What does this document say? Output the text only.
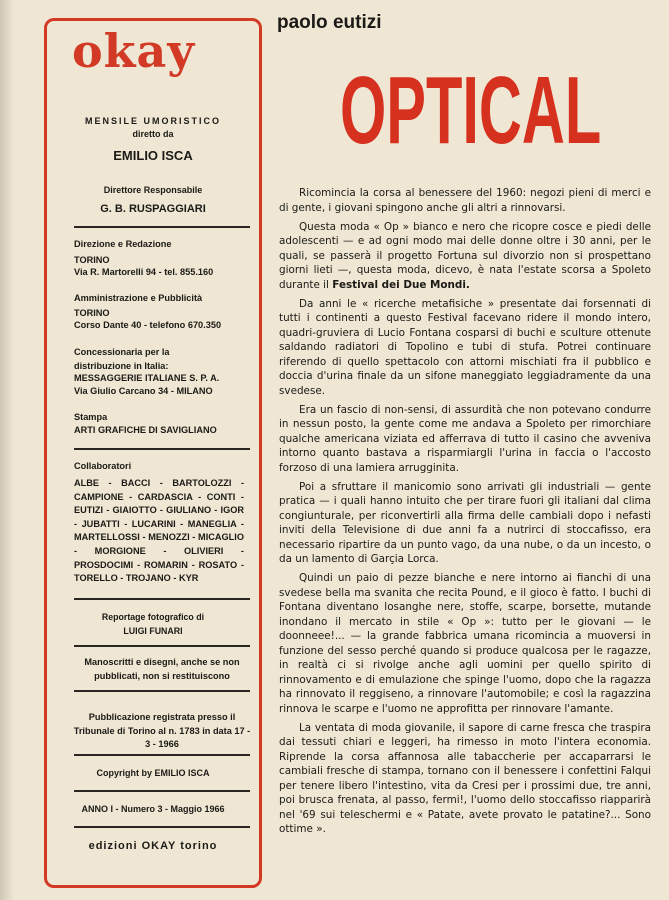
okay
MENSILE UMORISTICO
diretto da
EMILIO ISCA
Direttore Responsabile
G. B. RUSPAGGIARI
Direzione e Redazione
TORINO
Via R. Martorelli 94 - tel. 855.160
Amministrazione e Pubblicità
TORINO
Corso Dante 40 - telefono 670.350
Concessionaria per la distribuzione in Italia:
MESSAGGERIE ITALIANE S. P. A.
Via Giulio Carcano 34 - MILANO
Stampa
ARTI GRAFICHE DI SAVIGLIANO
Collaboratori
ALBE - BACCI - BARTOLOZZI - CAMPIONE - CARDASCIA - CONTI - EUTIZI - GIAIOTTO - GIULIANO - IGOR - JUBATTI - LUCARINI - MANEGLIA - MARTELLOSSI - MENOZZI - MICAGLIO - MORGIONE - OLIVIERI - PROSDOCIMI - ROMARIN - ROSATO - TORELLO - TROJANO - KYR
Reportage fotografico di
LUIGI FUNARI
Manoscritti e disegni, anche se non pubblicati, non si restituiscono
Pubblicazione registrata presso il Tribunale di Torino al n. 1783 in data 17 - 3 - 1966
Copyright by EMILIO ISCA
ANNO I - Numero 3 - Maggio 1966
edizioni OKAY torino
paolo eutizi
OPTICAL

Ricomincia la corsa al benessere del 1960: negozi pieni di merci e di gente, i giovani spingono anche gli altri a rinnovarsi.

Questa moda « Op » bianco e nero che ricopre cosce e piedi delle adolescenti — e ad ogni modo mai delle donne oltre i 30 anni, per le quali, se passerà il progetto Fortuna sul divorzio non si prospettano giorni lieti —, questa moda, dicevo, è nata l'estate scorsa a Spoleto durante il Festival dei Due Mondi.

Da anni le « ricerche metafisiche » presentate dai forsennati di tutti i continenti a questo Festival facevano ridere il mondo intero, quadri-gruviera di Lucio Fontana cosparsi di buchi e sculture ottenute saldando radiatori di Topolino e tubi di stufa. Potrei continuare riferendo di quello spettacolo con attorni mischiati fra il pubblico e doccia d'urina finale da un sifone maneggiato leggiadramente da una svedese.

Era un fascio di non-sensi, di assurdità che non potevano condurre in nessun posto, la gente come me andava a Spoleto per rimorchiare qualche americana viziata ed afferrava di tutto il casino che avveniva intorno quanto bastava a risparmiargli l'urina in faccia o l'accosto forzoso di una lamiera arrugginita.

Poi a sfruttare il manicomio sono arrivati gli industriali — gente pratica — i quali hanno intuito che per tirare fuori gli italiani dal clima congiunturale, per riconvertirli alla firma delle cambiali dopo i nefasti inviti della Televisione di due anni fa a nutrirci di stoccafisso, era necessario ripartire da un punto vago, da una nube, o da un incesto, o da un lamento di Garçia Lorca.

Quindi un paio di pezze bianche e nere intorno ai fianchi di una svedese bella ma svanita che recita Pound, e il gioco è fatto. I buchi di Fontana diventano losanghe nere, stoffe, scarpe, borsette, mutande inondano il mercato in stile « Op »: tutto per le giovani — le doonneee!... — la grande fabbrica umana ricomincia a muoversi in funzione del sesso perché quando si produce qualcosa per le ragazze, in realtà ci si rivolge anche agli uomini per quello spirito di rinnovamento e di emulazione che spinge l'uomo, dopo che la ragazza ha rinnovato il reggiseno, a rinnovare l'automobile; e così la ragazzina rinnova le scarpe e l'uomo ne approfitta per rinnovare l'amante.

La ventata di moda giovanile, il sapore di carne fresca che traspira dai tessuti chiari e leggeri, ha rimesso in moto l'intera economia. Riprende la corsa affannosa alle tabaccherie per accaparrarsi le cambiali fresche di stampa, tornano con il benessere i confettini Falqui per tenere libero l'intestino, vita da Cresi per i prossimi due, tre anni, poi brusca frenata, al passo, fermi!, l'uomo dello stoccafisso riapparirà nel '69 sui teleschermi e « Patate, avete provato le patatine?... Sono ottime ».
